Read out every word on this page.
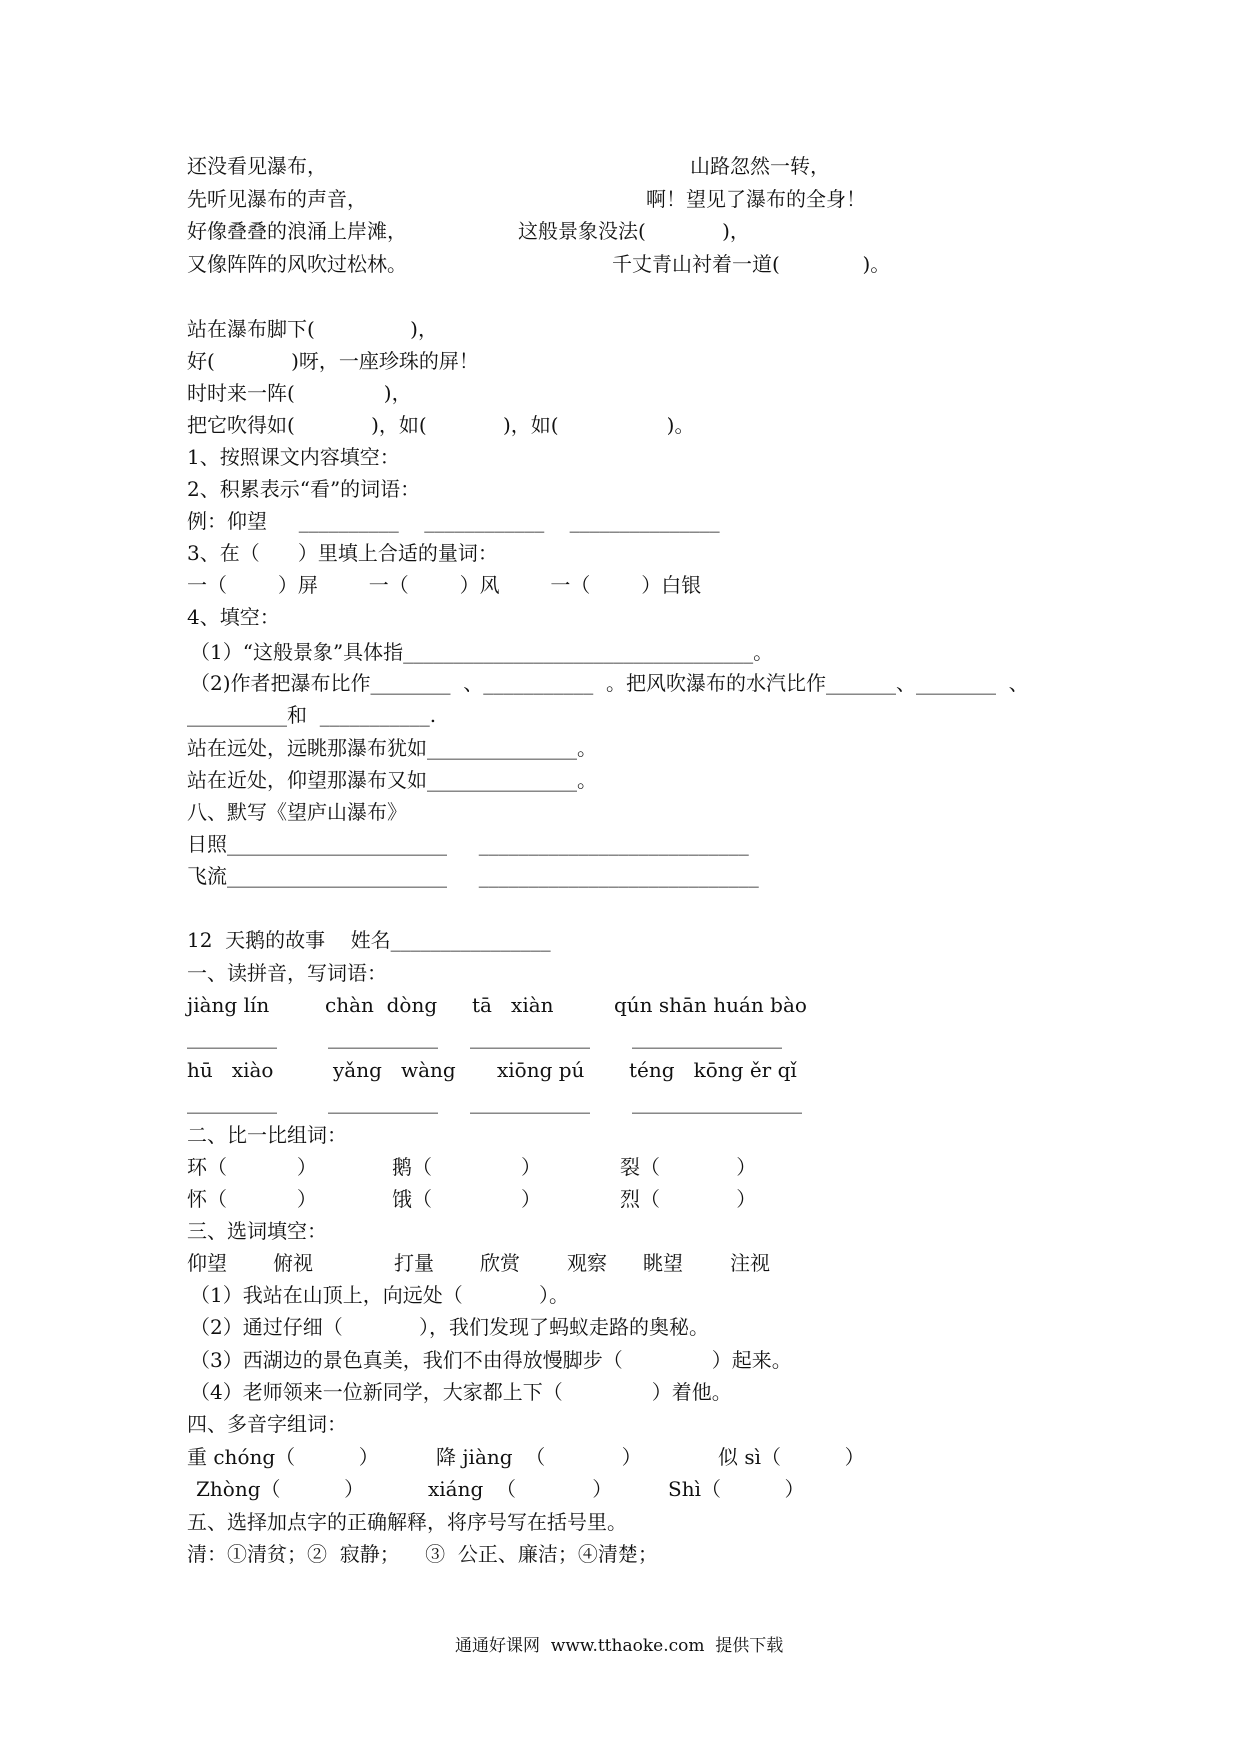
还没看见瀑布，	山路忽然一转，
先听见瀑布的声音，	啊！望见了瀑布的全身！
好像叠叠的浪涌上岸滩，	这般景象没法(            )，
又像阵阵的风吹过松林。	千丈青山衬着一道(             )。
站在瀑布脚下(               )，
好(            )呀，一座珍珠的屏！
时时来一阵(              )，
把它吹得如(            )，如(            )，如(                 )。
1、按照课文内容填空：
2、积累表示“看”的词语：
例：仰望     __________    ____________    _______________
3、在（      ）里填上合适的量词：
一（        ）屏        一（        ）风        一（        ）白银
4、填空：
（1）“这般景象”具体指___________________________________。
（2)作者把瀑布比作________  、___________  。把风吹瀑布的水汽比作_______、________  、
__________和  ___________.
站在远处，远眺那瀑布犹如_______________。
站在近处，仰望那瀑布又如_______________。
八、默写《望庐山瀑布》
日照______________________     ___________________________
飞流______________________     ____________________________
12  天鹅的故事    姓名________________
一、读拼音，写词语：
jiàng lín	chàn  dòng tā   xiàn	qún shān huán bào
_________	___________ ____________ _______________
hū   xiào	yǎng   wàng xiōng pú téng   kōng ěr qǐ
_________	___________ ____________ _________________
二、比一比组词：
环（           ）	鹅（              ）	裂（            ）
怀（           ）	饿（              ）	烈（            ）
三、选词填空：
仰望 俯视	打量 欣赏 观察 眺望 注视
（1）我站在山顶上，向远处（            ）。
（2）通过仔细（            ），我们发现了蚂蚁走路的奥秘。
（3）西湖边的景色真美，我们不由得放慢脚步（              ）起来。
（4）老师领来一位新同学，大家都上下（              ）着他。
四、多音字组词：
重 chóng（          ）	降 jiàng  （            ）	似 sì（          ）
Zhòng（          ）	xiáng  （            ）	Shì（          ）
五、选择加点字的正确解释，将序号写在括号里。
清：①清贫；②  寂静；    ③  公正、廉洁；④清楚；
通通好课网  www.tthaoke.com  提供下载
